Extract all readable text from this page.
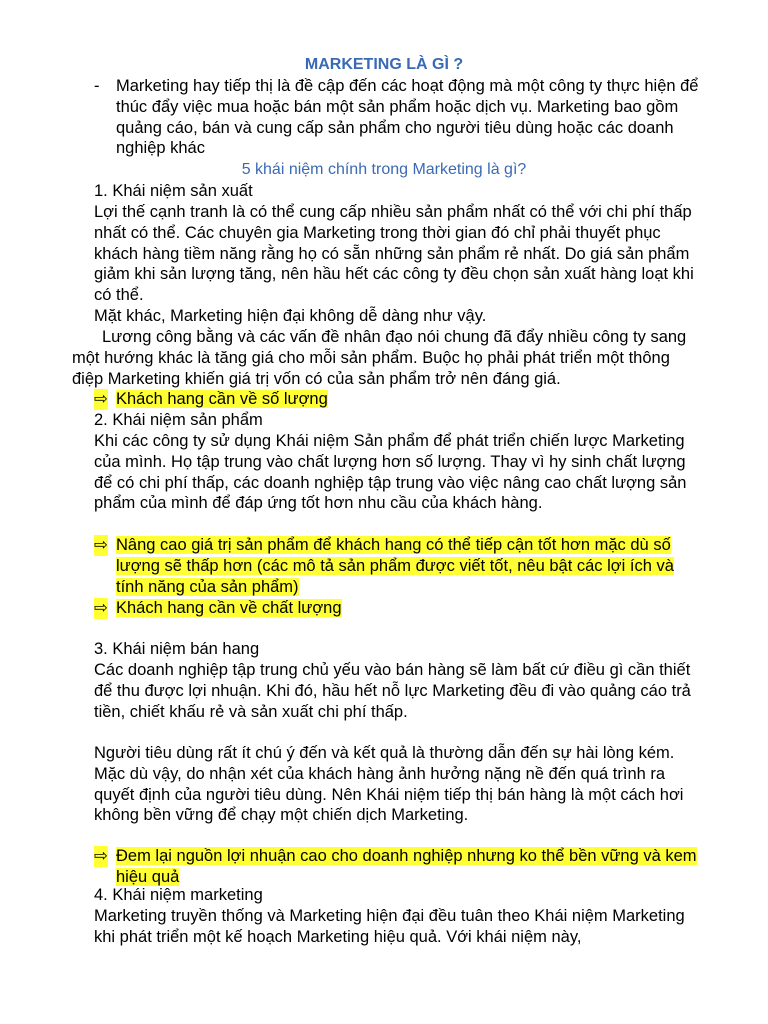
MARKETING LÀ GÌ ?
- Marketing hay tiếp thị là đề cập đến các hoạt động mà một công ty thực hiện để thúc đẩy việc mua hoặc bán một sản phẩm hoặc dịch vụ. Marketing bao gồm quảng cáo, bán và cung cấp sản phẩm cho người tiêu dùng hoặc các doanh nghiệp khác
5 khái niệm chính trong Marketing là gì?
1. Khái niệm sản xuất
Lợi thế cạnh tranh là có thể cung cấp nhiều sản phẩm nhất có thể với chi phí thấp nhất có thể. Các chuyên gia Marketing trong thời gian đó chỉ phải thuyết phục khách hàng tiềm năng rằng họ có sẵn những sản phẩm rẻ nhất. Do giá sản phẩm giảm khi sản lượng tăng, nên hầu hết các công ty đều chọn sản xuất hàng loạt khi có thể.
Mặt khác, Marketing hiện đại không dễ dàng như vậy.
Lương công bằng và các vấn đề nhân đạo nói chung đã đẩy nhiều công ty sang một hướng khác là tăng giá cho mỗi sản phẩm. Buộc họ phải phát triển một thông điệp Marketing khiến giá trị vốn có của sản phẩm trở nên đáng giá.
⇨ Khách hang cần về số lượng
2. Khái niệm sản phẩm
Khi các công ty sử dụng Khái niệm Sản phẩm để phát triển chiến lược Marketing của mình. Họ tập trung vào chất lượng hơn số lượng. Thay vì hy sinh chất lượng để có chi phí thấp, các doanh nghiệp tập trung vào việc nâng cao chất lượng sản phẩm của mình để đáp ứng tốt hơn nhu cầu của khách hàng.
⇨ Nâng cao giá trị sản phẩm để khách hang có thể tiếp cận tốt hơn mặc dù số lượng sẽ thấp hơn (các mô tả sản phẩm được viết tốt, nêu bật các lợi ích và tính năng của sản phẩm)
⇨ Khách hang cần về chất lượng
3. Khái niệm bán hang
Các doanh nghiệp tập trung chủ yếu vào bán hàng sẽ làm bất cứ điều gì cần thiết để thu được lợi nhuận. Khi đó, hầu hết nỗ lực Marketing đều đi vào quảng cáo trả tiền, chiết khấu rẻ và sản xuất chi phí thấp.
Người tiêu dùng rất ít chú ý đến và kết quả là thường dẫn đến sự hài lòng kém. Mặc dù vậy, do nhận xét của khách hàng ảnh hưởng nặng nề đến quá trình ra quyết định của người tiêu dùng. Nên Khái niệm tiếp thị bán hàng là một cách hơi không bền vững để chạy một chiến dịch Marketing.
⇨ Đem lại nguồn lợi nhuận cao cho doanh nghiệp nhưng ko thể bền vững và kem hiệu quả
4. Khái niệm marketing
Marketing truyền thống và Marketing hiện đại đều tuân theo Khái niệm Marketing khi phát triển một kế hoạch Marketing hiệu quả. Với khái niệm này,
